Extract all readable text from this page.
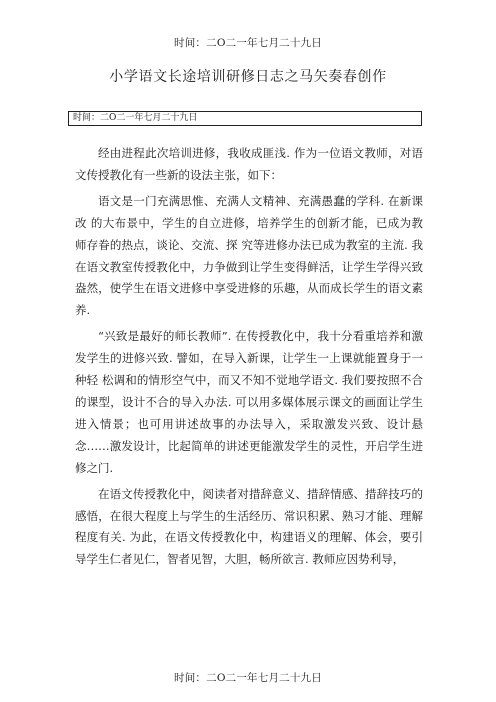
时间：二O二一年七月二十九日
小学语文长途培训研修日志之马矢奏春创作
时间：二O二一年七月二十九日

经由进程此次培训进修，我收成匪浅. 作为一位语文教师，对语文传授教化有一些新的设法主张，如下：

语文是一门充满思惟、充满人文精神、充满愚蠢的学科. 在新课改 的大布景中，学生的自立进修，培养学生的创新才能，已成为教师存眷的热点，谈论、交流、探 究等进修办法已成为教室的主流. 我在语文教室传授教化中，力争做到让学生变得鲜活，让学生学得兴致盎然，使学生在语文进修中享受进修的乐趣，从而成长学生的语文素养.

“兴致是最好的师长教师”. 在传授教化中，我十分看重培养和激发学生的进修兴致. 譬如，在导入新课，让学生一上课就能置身于一种轻 松调和的情形空气中，而又不知不觉地学语文. 我们要按照不合的课型，设计不合的导入办法. 可以用多媒体展示课文的画面让学生进入情景；也可用讲述故事的办法导入，采取激发兴致、设计悬念……激发设计，比起简单的讲述更能激发学生的灵性，开启学生进修之门.

在语文传授教化中，阅读者对措辞意义、措辞情感、措辞技巧的感悟，在很大程度上与学生的生活经历、常识积累、熟习才能、理解程度有关. 为此，在语文传授教化中，构建语义的理解、体会，要引导学生仁者见仁，智者见智，大胆，畅所欲言. 教师应因势利导，

时间：二O二一年七月二十九日
